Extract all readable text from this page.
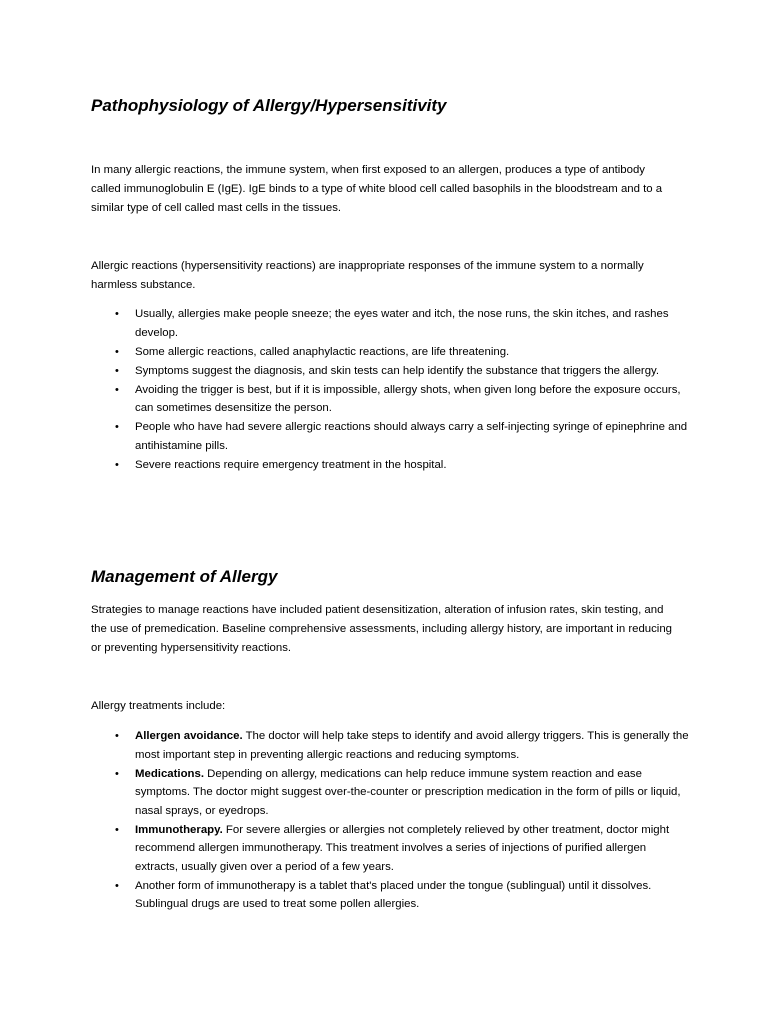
Pathophysiology of Allergy/Hypersensitivity

In many allergic reactions, the immune system, when first exposed to an allergen, produces a type of antibody called immunoglobulin E (IgE). IgE binds to a type of white blood cell called basophils in the bloodstream and to a similar type of cell called mast cells in the tissues.

Allergic reactions (hypersensitivity reactions) are inappropriate responses of the immune system to a normally harmless substance.

• Usually, allergies make people sneeze; the eyes water and itch, the nose runs, the skin itches, and rashes develop.
• Some allergic reactions, called anaphylactic reactions, are life threatening.
• Symptoms suggest the diagnosis, and skin tests can help identify the substance that triggers the allergy.
• Avoiding the trigger is best, but if it is impossible, allergy shots, when given long before the exposure occurs, can sometimes desensitize the person.
• People who have had severe allergic reactions should always carry a self-injecting syringe of epinephrine and antihistamine pills.
• Severe reactions require emergency treatment in the hospital.
Management of Allergy

Strategies to manage reactions have included patient desensitization, alteration of infusion rates, skin testing, and the use of premedication. Baseline comprehensive assessments, including allergy history, are important in reducing or preventing hypersensitivity reactions.

Allergy treatments include:

• Allergen avoidance. The doctor will help take steps to identify and avoid allergy triggers. This is generally the most important step in preventing allergic reactions and reducing symptoms.
• Medications. Depending on allergy, medications can help reduce immune system reaction and ease symptoms. The doctor might suggest over-the-counter or prescription medication in the form of pills or liquid, nasal sprays, or eyedrops.
• Immunotherapy. For severe allergies or allergies not completely relieved by other treatment, doctor might recommend allergen immunotherapy. This treatment involves a series of injections of purified allergen extracts, usually given over a period of a few years.
• Another form of immunotherapy is a tablet that's placed under the tongue (sublingual) until it dissolves. Sublingual drugs are used to treat some pollen allergies.
